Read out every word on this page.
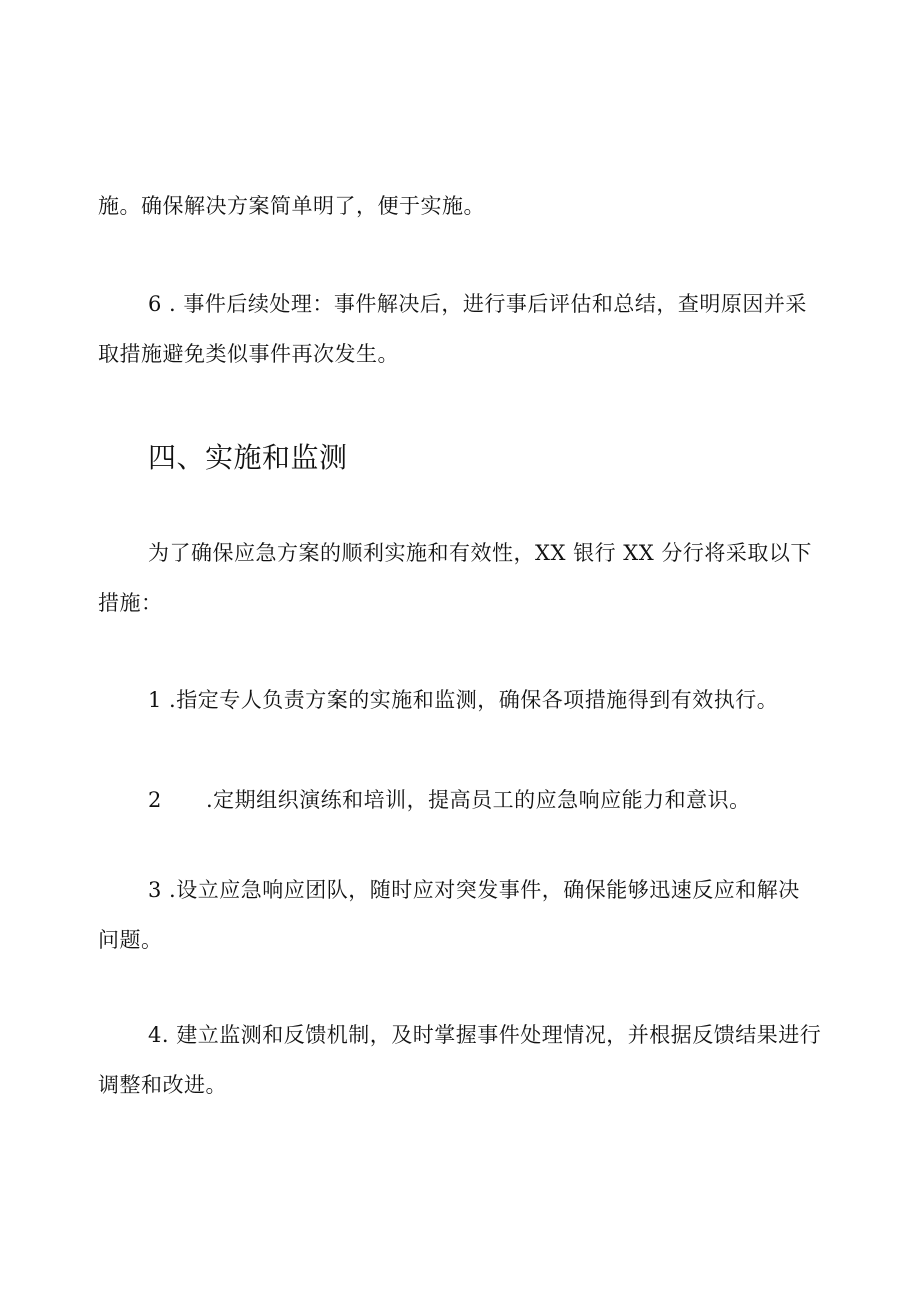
施。确保解决方案简单明了，便于实施。
6 . 事件后续处理：事件解决后，进行事后评估和总结，查明原因并采
取措施避免类似事件再次发生。
四、实施和监测
为了确保应急方案的顺利实施和有效性，XX 银行 XX 分行将采取以下
措施：
1 .指定专人负责方案的实施和监测，确保各项措施得到有效执行。
2 .定期组织演练和培训，提高员工的应急响应能力和意识。
3 .设立应急响应团队，随时应对突发事件，确保能够迅速反应和解决
问题。
4. 建立监测和反馈机制，及时掌握事件处理情况，并根据反馈结果进行
调整和改进。
